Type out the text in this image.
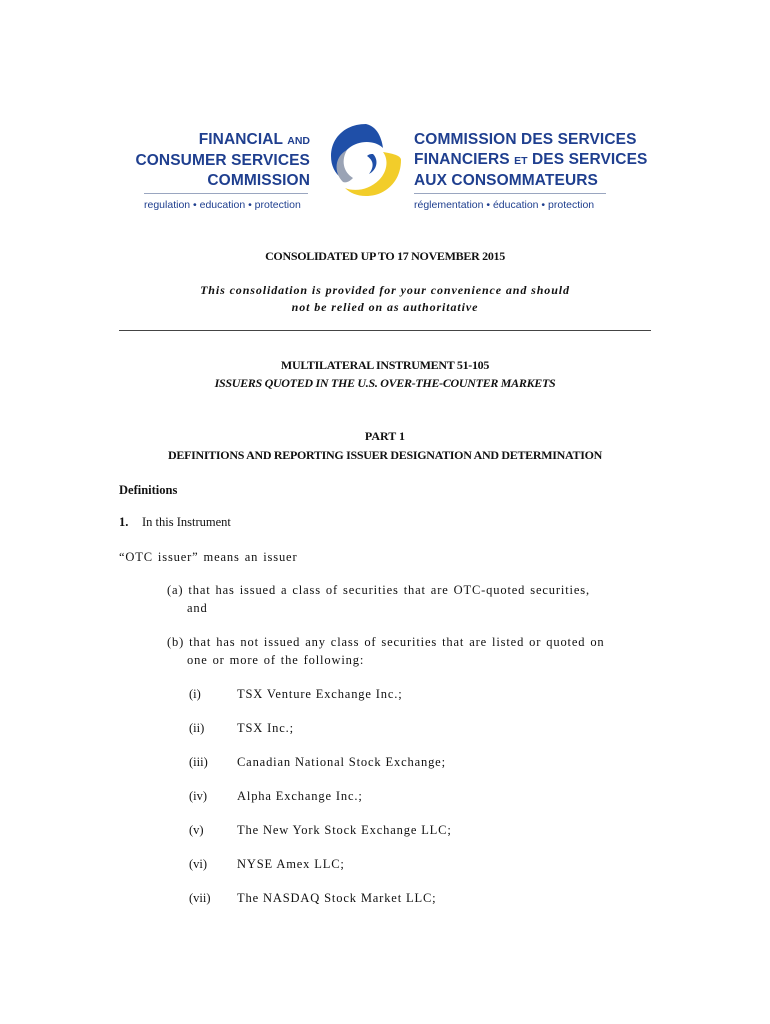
FINANCIAL AND
CONSUMER SERVICES
COMMISSION
COMMISSION DES SERVICES
FINANCIERS ET DES SERVICES
AUX CONSOMMATEURS
regulation • education • protection	réglementation • éducation • protection
CONSOLIDATED UP TO 17 NOVEMBER 2015
This consolidation is provided for your convenience and should
not be relied on as authoritative
MULTILATERAL INSTRUMENT 51-105
ISSUERS QUOTED IN THE U.S. OVER-THE-COUNTER MARKETS
PART 1
DEFINITIONS AND REPORTING ISSUER DESIGNATION AND DETERMINATION
Definitions
1. In this Instrument
“OTC issuer” means an issuer
(a) that has issued a class of securities that are OTC-quoted securities,
and
(b) that has not issued any class of securities that are listed or quoted on
one or more of the following:
(i)	TSX Venture Exchange Inc.;
(ii)	TSX Inc.;
(iii) Canadian National Stock Exchange;
(iv) Alpha Exchange Inc.;
(v)	The New York Stock Exchange LLC;
(vi) NYSE Amex LLC;
(vii) The NASDAQ Stock Market LLC;
